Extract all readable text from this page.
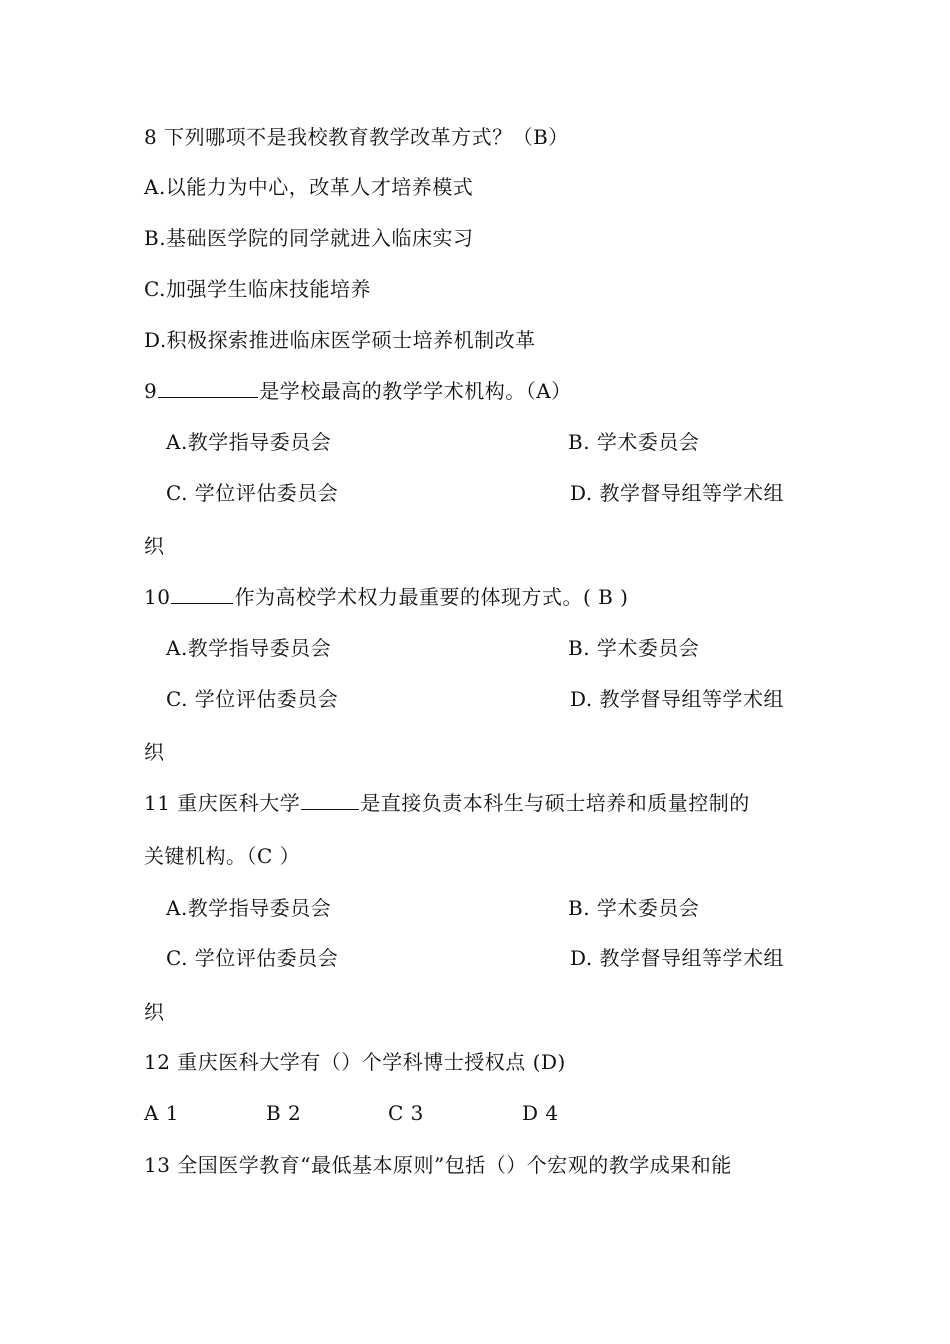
8 下列哪项不是我校教育教学改革方式？（B）
A.以能力为中心，改革人才培养模式
B.基础医学院的同学就进入临床实习
C.加强学生临床技能培养
D.积极探索推进临床医学硕士培养机制改革
9	是学校最高的教学学术机构。（A）
A.教学指导委员会	B. 学术委员会
C. 学位评估委员会	D. 教学督导组等学术组
织
10	作为高校学术权力最重要的体现方式。( B )
A.教学指导委员会	B. 学术委员会
C. 学位评估委员会	D. 教学督导组等学术组
织
11 重庆医科大学	是直接负责本科生与硕士培养和质量控制的
关键机构。（C ）
A.教学指导委员会	B. 学术委员会
C. 学位评估委员会	D. 教学督导组等学术组
织
12 重庆医科大学有（）个学科博士授权点 (D)
A 1	B 2	C 3	D 4
13 全国医学教育“最低基本原则”包括（）个宏观的教学成果和能
